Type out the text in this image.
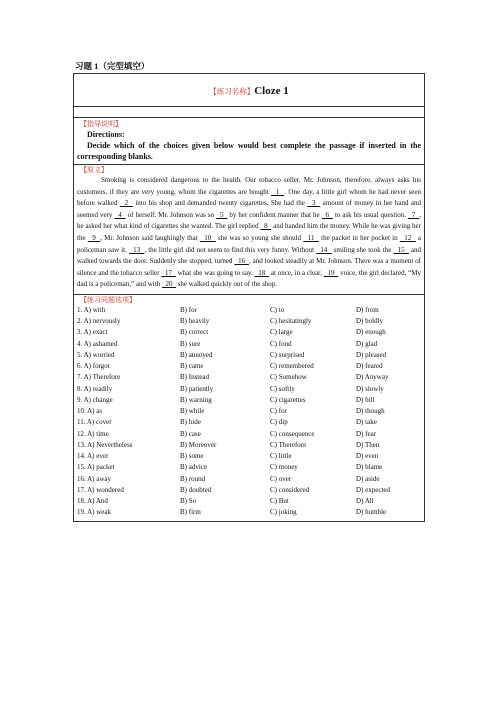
习题 1（完型填空）
【练习名称】Cloze 1

【指导说明】
Directions:
Decide which of the choices given below would best complete the passage if inserted in the corresponding blanks.

【原文】

Smoking is considered dangerous to the health. Our tobacco seller, Mr. Johnson, therefore, always asks his customers, if they are very young, whom the cigarettes are bought   1  . One day, a little girl whom he had never seen before walked   2   into his shop and demanded twenty cigarettes. She had the   3   amount of money in her hand and seemed very   4   of herself. Mr. Johnson was so   5   by her confident manner that he   6   to ask his usual question.   7  , he asked her what kind of cigarettes she wanted. The girl replied   8   and handed him the money. While he was giving her the   9  , Mr. Johnson said laughingly that   10   she was so young she should   11   the packet in her pocket in   12   a policeman saw it.   13  , the little girl did not seem to find this very funny. Without   14   smiling she took the   15   and walked towards the door. Suddenly she stopped, turned   16  , and looked steadily at Mr. Johnson. There was a moment of silence and the tobacco seller   17   what she was going to say.   18   at once, in a clear,   19   voice, the girl declared, “My dad is a policeman,” and with   20   she walked quickly out of the shop.

【练习同题选项】
1. A) with	B) for	C) to	D) from
2. A) nervously	B) heavily	C) hesitatingly	D) boldly
3. A) exact	B) correct	C) large	D) enough
4. A) ashamed	B) sure	C) fond	D) glad
5. A) worried	B) annoyed	C) surprised	D) pleased
6. A) forgot	B) came	C) remembered	D) feared
7. A) Therefore	B) Instead	C) Somehow	D) Anyway
8. A) readily	B) patiently	C) softly	D) slowly
9. A) change	B) warning	C) cigarettes	D) bill
10. A) as	B) while	C) for	D) though
11. A) cover	B) hide	C) dip	D) take
12. A) time	B) case	C) consequence	D) fear
13. A) Nevertheless	B) Moreover	C) Therefore	D) Then
14. A) ever	B) some	C) little	D) even
15. A) packet	B) advice	C) money	D) blame
16. A) away	B) round	C) over	D) aside
17. A) wondered	B) doubted	C) considered	D) expected
18. A) And	B) So	C) But	D) All
19. A) weak	B) firm	C) joking	D) humble
